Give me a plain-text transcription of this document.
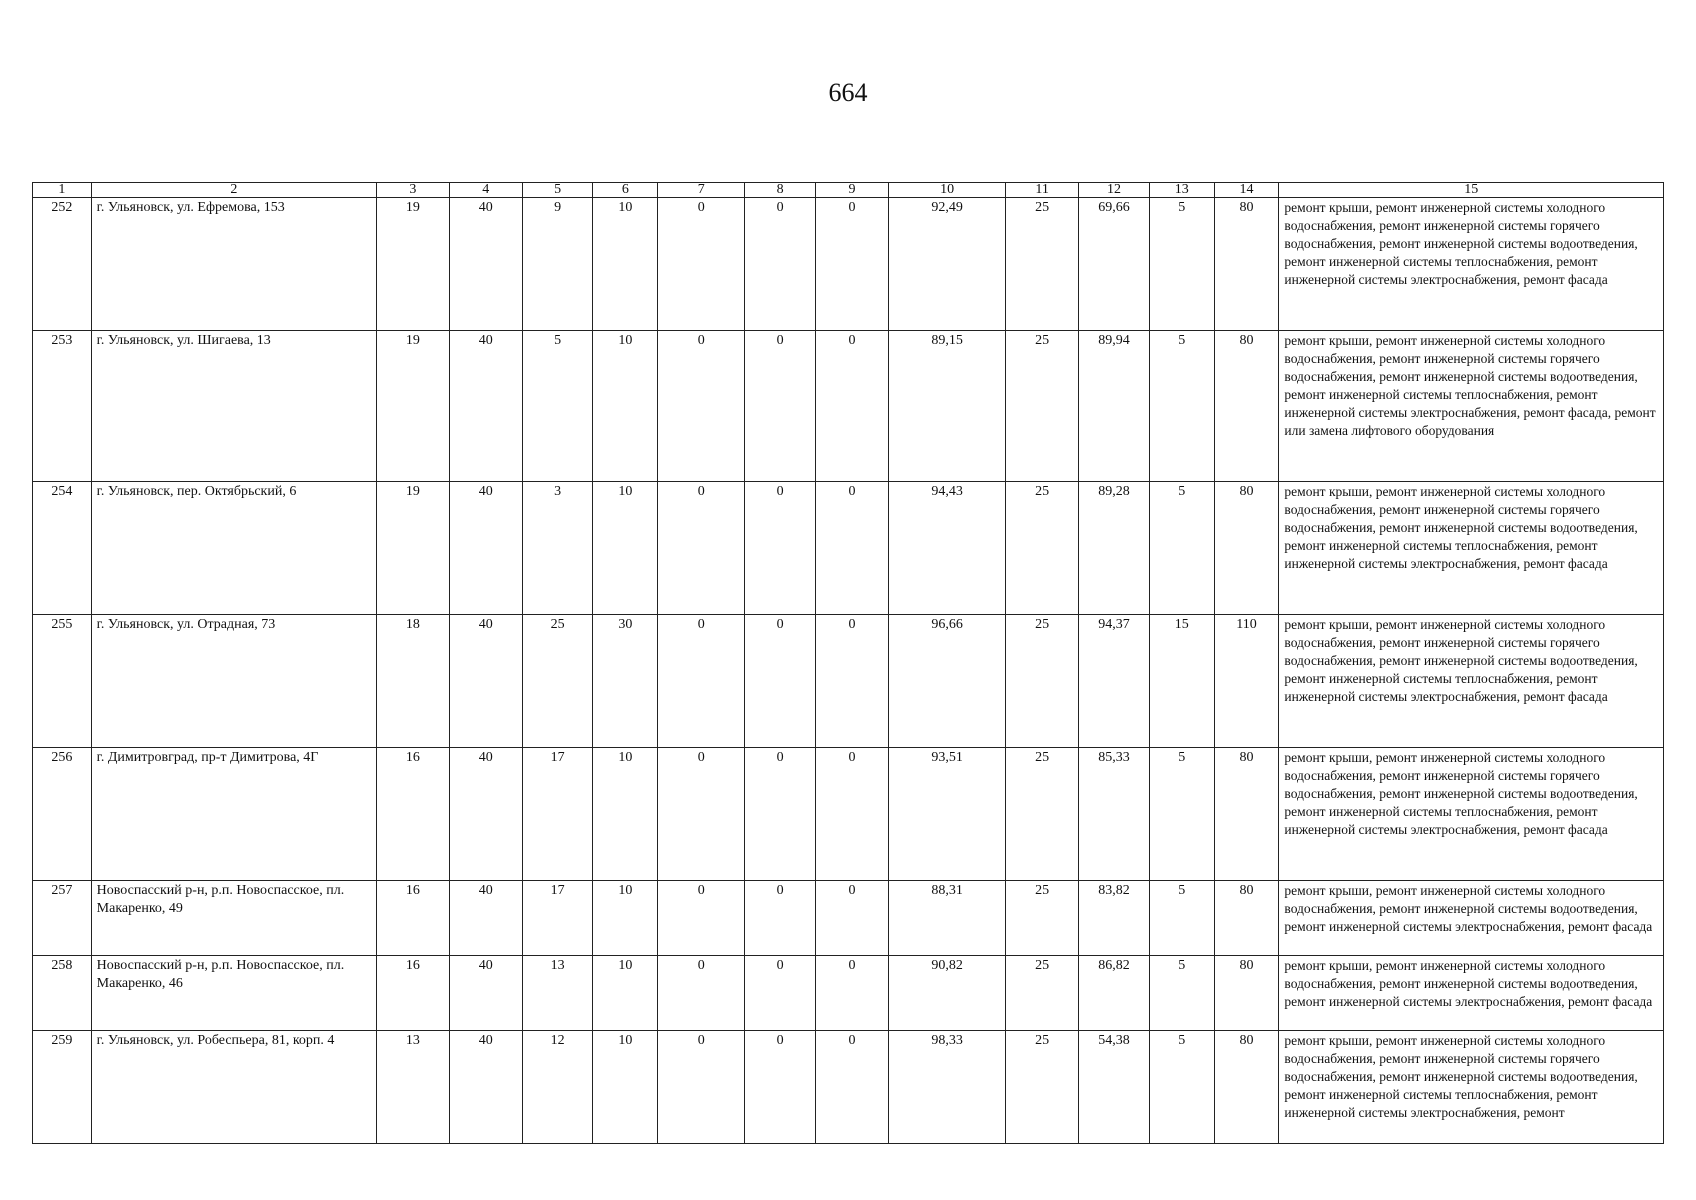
664
1	2	3	4	5	6	7	8	9	10	11	12	13	14	15
252	г. Ульяновск, ул. Ефремова, 153	19	40	9	10	0	0	0	92,49	25	69,66	5	80	ремонт крыши, ремонт инженерной системы холодного водоснабжения, ремонт инженерной системы горячего водоснабжения, ремонт инженерной системы водоотведения, ремонт инженерной системы теплоснабжения, ремонт инженерной системы электроснабжения, ремонт фасада
253	г. Ульяновск, ул. Шигаева, 13	19	40	5	10	0	0	0	89,15	25	89,94	5	80	ремонт крыши, ремонт инженерной системы холодного водоснабжения, ремонт инженерной системы горячего водоснабжения, ремонт инженерной системы водоотведения, ремонт инженерной системы теплоснабжения, ремонт инженерной системы электроснабжения, ремонт фасада, ремонт или замена лифтового оборудования
254	г. Ульяновск, пер. Октябрьский, 6	19	40	3	10	0	0	0	94,43	25	89,28	5	80	ремонт крыши, ремонт инженерной системы холодного водоснабжения, ремонт инженерной системы горячего водоснабжения, ремонт инженерной системы водоотведения, ремонт инженерной системы теплоснабжения, ремонт инженерной системы электроснабжения, ремонт фасада
255	г. Ульяновск, ул. Отрадная, 73	18	40	25	30	0	0	0	96,66	25	94,37	15	110	ремонт крыши, ремонт инженерной системы холодного водоснабжения, ремонт инженерной системы горячего водоснабжения, ремонт инженерной системы водоотведения, ремонт инженерной системы теплоснабжения, ремонт инженерной системы электроснабжения, ремонт фасада
256	г. Димитровград, пр-т Димитрова, 4Г	16	40	17	10	0	0	0	93,51	25	85,33	5	80	ремонт крыши, ремонт инженерной системы холодного водоснабжения, ремонт инженерной системы горячего водоснабжения, ремонт инженерной системы водоотведения, ремонт инженерной системы теплоснабжения, ремонт инженерной системы электроснабжения, ремонт фасада
257	Новоспасский р-н, р.п. Новоспасское, пл. Макаренко, 49	16	40	17	10	0	0	0	88,31	25	83,82	5	80	ремонт крыши, ремонт инженерной системы холодного водоснабжения, ремонт инженерной системы водоотведения, ремонт инженерной системы электроснабжения, ремонт фасада
258	Новоспасский р-н, р.п. Новоспасское, пл. Макаренко, 46	16	40	13	10	0	0	0	90,82	25	86,82	5	80	ремонт крыши, ремонт инженерной системы холодного водоснабжения, ремонт инженерной системы водоотведения, ремонт инженерной системы электроснабжения, ремонт фасада
259	г. Ульяновск, ул. Робеспьера, 81, корп. 4	13	40	12	10	0	0	0	98,33	25	54,38	5	80	ремонт крыши, ремонт инженерной системы холодного водоснабжения, ремонт инженерной системы горячего водоснабжения, ремонт инженерной системы водоотведения, ремонт инженерной системы теплоснабжения, ремонт инженерной системы электроснабжения, ремонт
